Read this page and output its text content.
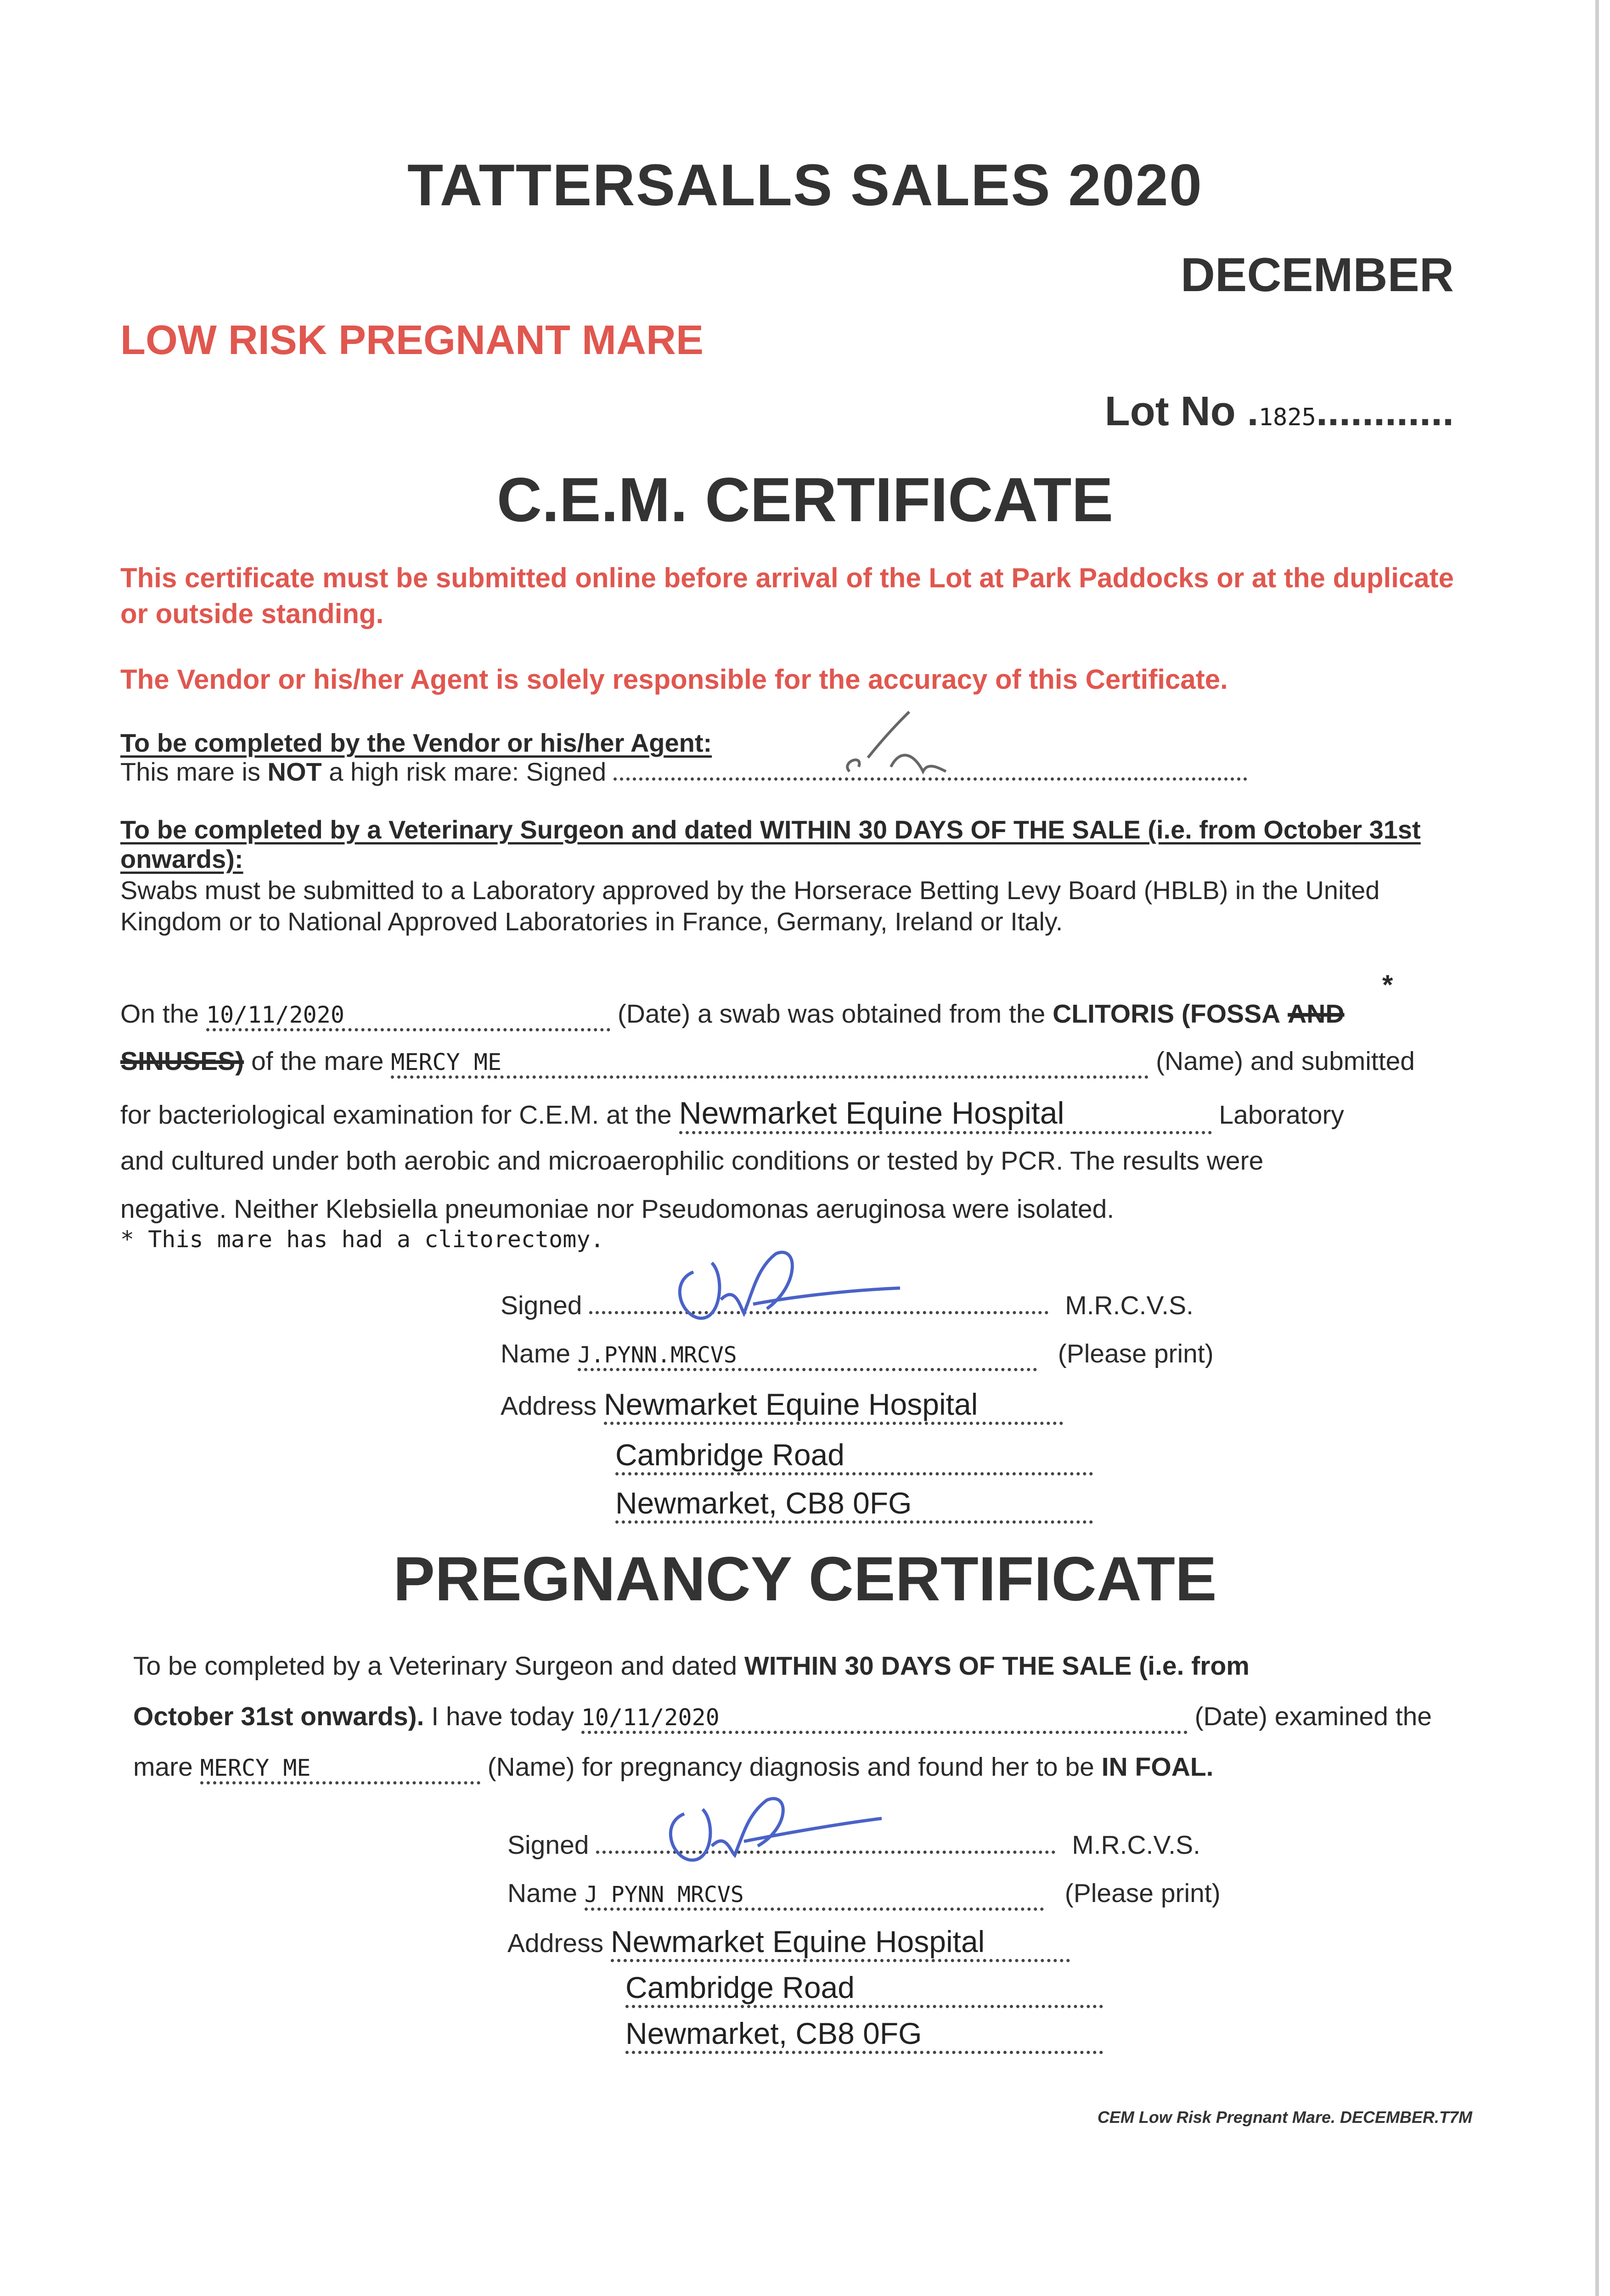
TATTERSALLS SALES 2020
DECEMBER
LOW RISK PREGNANT MARE
Lot No .1825............
C.E.M. CERTIFICATE
This certificate must be submitted online before arrival of the Lot at Park Paddocks or at the duplicate or outside standing.
The Vendor or his/her Agent is solely responsible for the accuracy of this Certificate.
To be completed by the Vendor or his/her Agent:
This mare is NOT a high risk mare: Signed
To be completed by a Veterinary Surgeon and dated WITHIN 30 DAYS OF THE SALE (i.e. from October 31st onwards):
Swabs must be submitted to a Laboratory approved by the Horserace Betting Levy Board (HBLB) in the United Kingdom or to National Approved Laboratories in France, Germany, Ireland or Italy.
On the 10/11/2020	(Date) a swab was obtained from the CLITORIS (FOSSA AND
*
SINUSES) of the mare MERCY ME	(Name) and submitted
for bacteriological examination for C.E.M. at the Newmarket Equine Hospital	Laboratory
and cultured under both aerobic and microaerophilic conditions or tested by PCR. The results were
negative. Neither Klebsiella pneumoniae nor Pseudomonas aeruginosa were isolated.
* This mare has had a clitorectomy.
Signed	M.R.C.V.S.
Name J.PYNN.MRCVS	(Please print)
Address Newmarket Equine Hospital
Cambridge Road
Newmarket, CB8 0FG
PREGNANCY CERTIFICATE
To be completed by a Veterinary Surgeon and dated WITHIN 30 DAYS OF THE SALE (i.e. from
October 31st onwards). I have today 10/11/2020	(Date) examined the
mare MERCY ME	(Name) for pregnancy diagnosis and found her to be IN FOAL.
Signed	M.R.C.V.S.
Name J PYNN MRCVS	(Please print)
Address Newmarket Equine Hospital
Cambridge Road
Newmarket, CB8 0FG
CEM Low Risk Pregnant Mare. DECEMBER.T7M
